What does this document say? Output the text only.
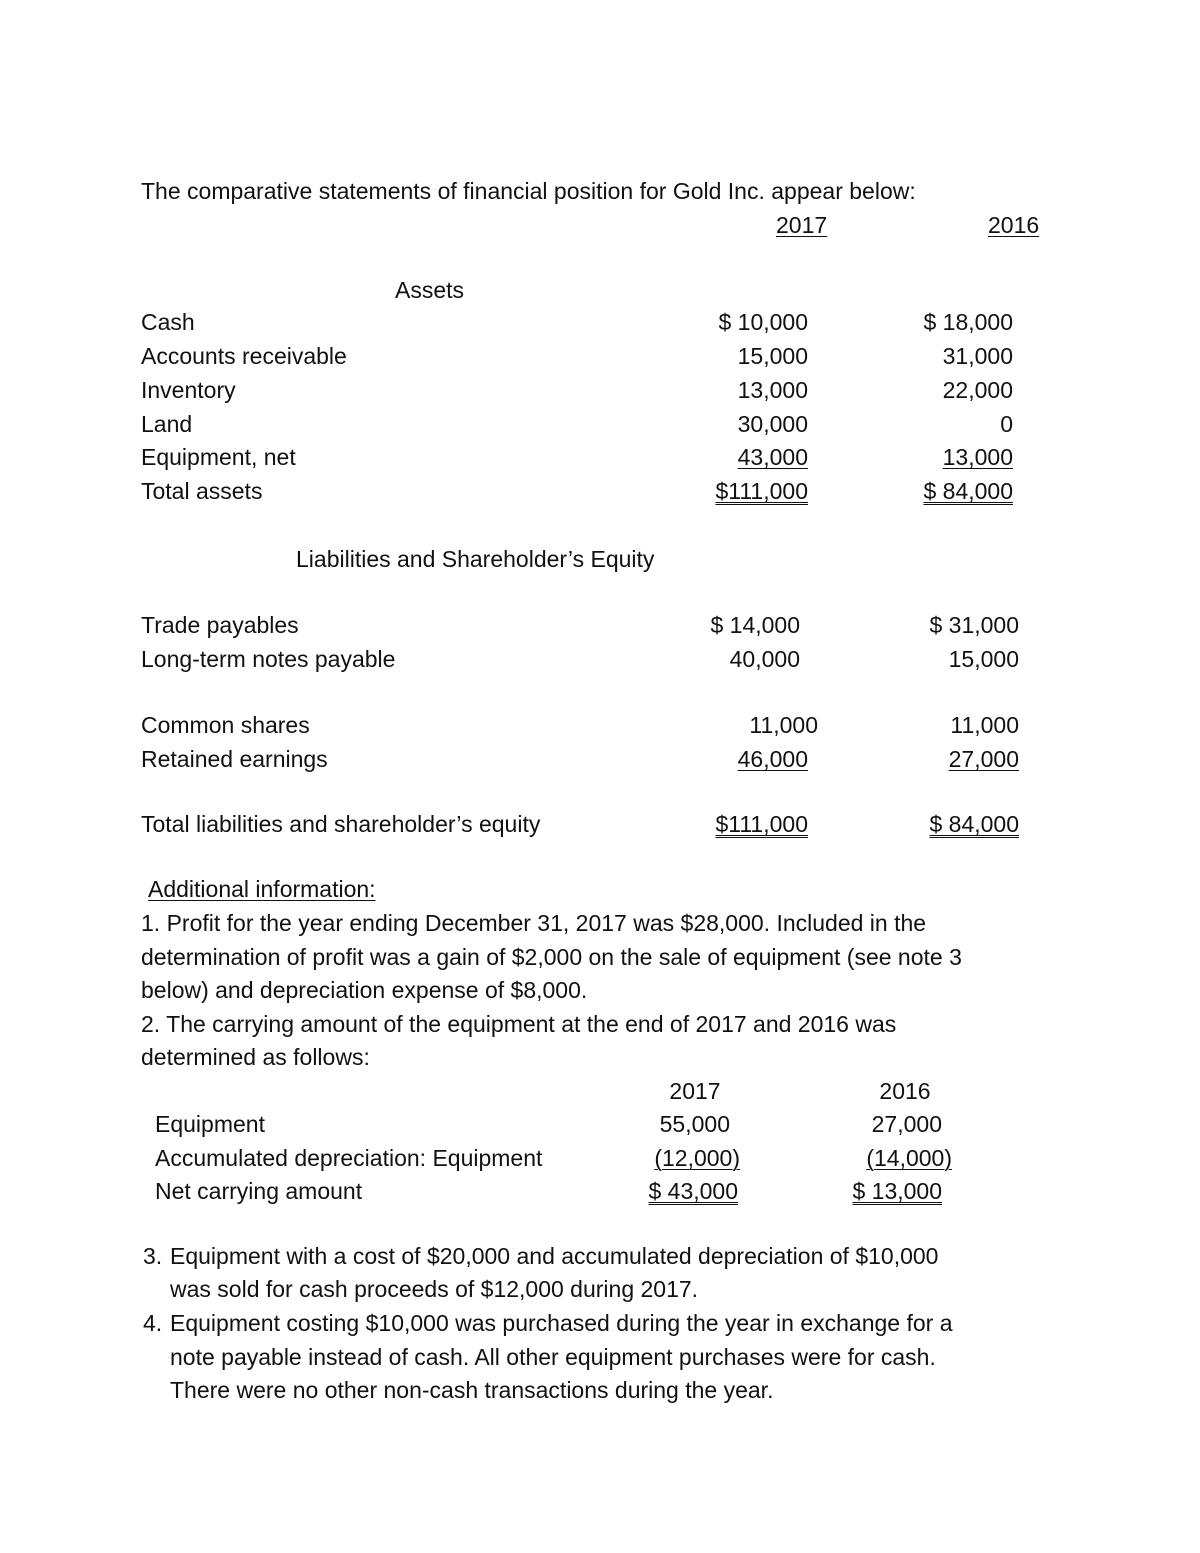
The comparative statements of financial position for Gold Inc. appear below:
2017	2016
Assets
Cash	$ 10,000	$ 18,000
Accounts receivable	15,000	31,000
Inventory	13,000	22,000
Land	30,000	0
Equipment, net	43,000	13,000
Total assets	$111,000	$ 84,000
Liabilities and Shareholder’s Equity
Trade payables	$ 14,000	$ 31,000
Long-term notes payable	40,000	15,000
Common shares	11,000	11,000
Retained earnings	46,000	27,000
Total liabilities and shareholder’s equity	$111,000	$ 84,000
Additional information:
1. Profit for the year ending December 31, 2017 was $28,000. Included in the
determination of profit was a gain of $2,000 on the sale of equipment (see note 3
below) and depreciation expense of $8,000.
2. The carrying amount of the equipment at the end of 2017 and 2016 was
determined as follows:
2017	2016
Equipment	55,000	27,000
Accumulated depreciation: Equipment	(12,000)	(14,000)
Net carrying amount	$ 43,000	$ 13,000
3. Equipment with a cost of $20,000 and accumulated depreciation of $10,000
was sold for cash proceeds of $12,000 during 2017.
4. Equipment costing $10,000 was purchased during the year in exchange for a
note payable instead of cash. All other equipment purchases were for cash.
There were no other non-cash transactions during the year.
